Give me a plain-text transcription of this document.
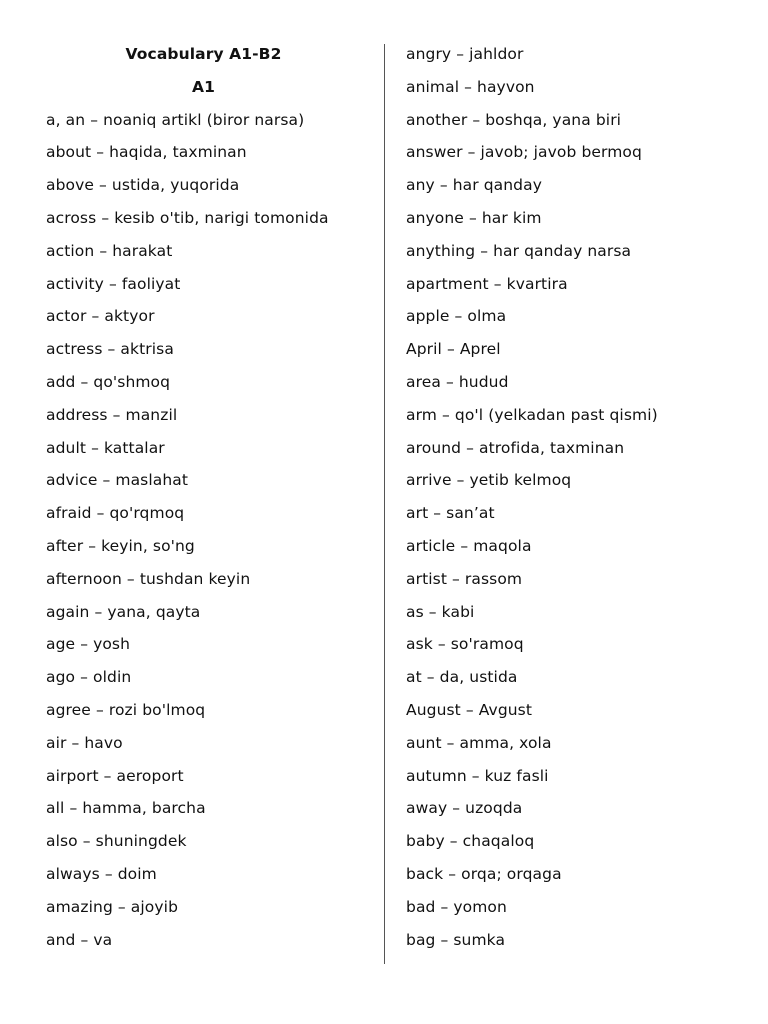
Vocabulary A1-B2
A1
a, an – noaniq artikl (biror narsa)
about – haqida, taxminan
above – ustida, yuqorida
across – kesib o'tib, narigi tomonida
action – harakat
activity – faoliyat
actor – aktyor
actress – aktrisa
add – qo'shmoq
address – manzil
adult – kattalar
advice – maslahat
afraid – qo'rqmoq
after – keyin, so'ng
afternoon – tushdan keyin
again – yana, qayta
age – yosh
ago – oldin
agree – rozi bo'lmoq
air – havo
airport – aeroport
all – hamma, barcha
also – shuningdek
always – doim
amazing – ajoyib
and – va
angry – jahldor
animal – hayvon
another – boshqa, yana biri
answer – javob; javob bermoq
any – har qanday
anyone – har kim
anything – har qanday narsa
apartment – kvartira
apple – olma
April – Aprel
area – hudud
arm – qo'l (yelkadan past qismi)
around – atrofida, taxminan
arrive – yetib kelmoq
art – san’at
article – maqola
artist – rassom
as – kabi
ask – so'ramoq
at – da, ustida
August – Avgust
aunt – amma, xola
autumn – kuz fasli
away – uzoqda
baby – chaqaloq
back – orqa; orqaga
bad – yomon
bag – sumka
